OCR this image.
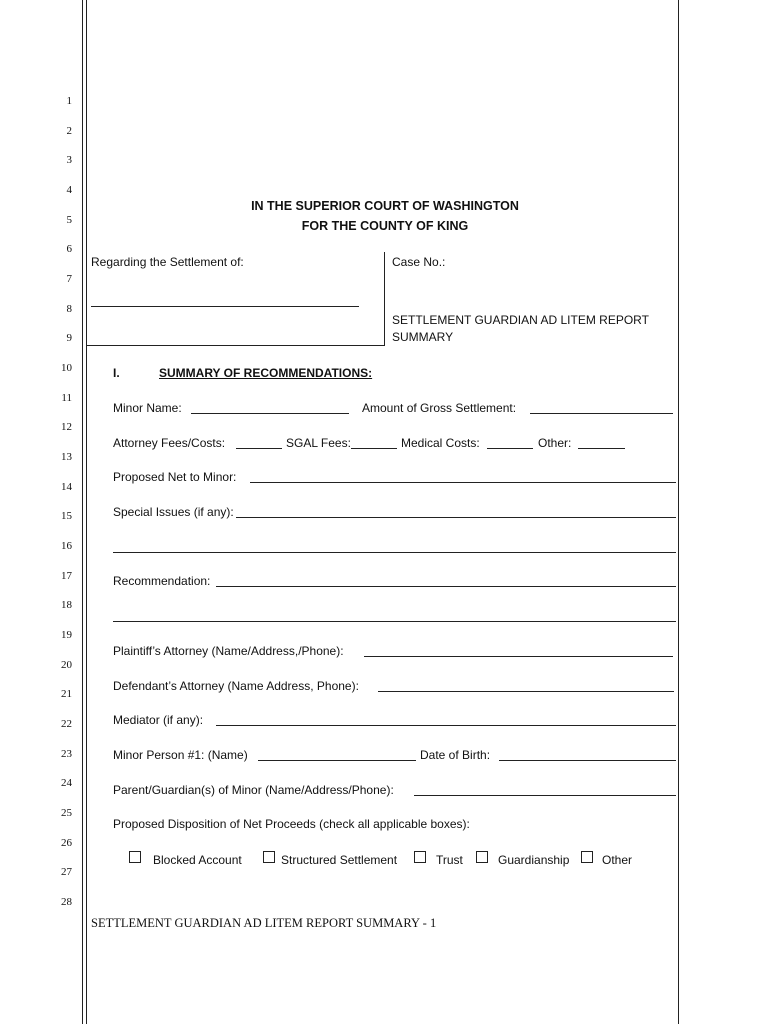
1
2
3
4
5
6
7
8
9
10
11
12
13
14
15
16
17
18
19
20
21
22
23
24
25
26
27
28
IN THE SUPERIOR COURT OF WASHINGTON
FOR THE COUNTY OF KING
Regarding the Settlement of:	Case No.:
SETTLEMENT GUARDIAN AD LITEM REPORT
SUMMARY
I.	SUMMARY OF RECOMMENDATIONS:
Minor Name:	Amount of Gross Settlement:
Attorney Fees/Costs:	SGAL Fees:	Medical Costs:	Other:
Proposed Net to Minor:
Special Issues (if any):
Recommendation:
Plaintiff’s Attorney (Name/Address,/Phone):
Defendant’s Attorney (Name Address, Phone):
Mediator (if any):
Minor Person #1: (Name)	Date of Birth:
Parent/Guardian(s) of Minor (Name/Address/Phone):
Proposed Disposition of Net Proceeds (check all applicable boxes):
Blocked Account	Structured Settlement	Trust	Guardianship	Other
SETTLEMENT GUARDIAN AD LITEM REPORT SUMMARY - 1
